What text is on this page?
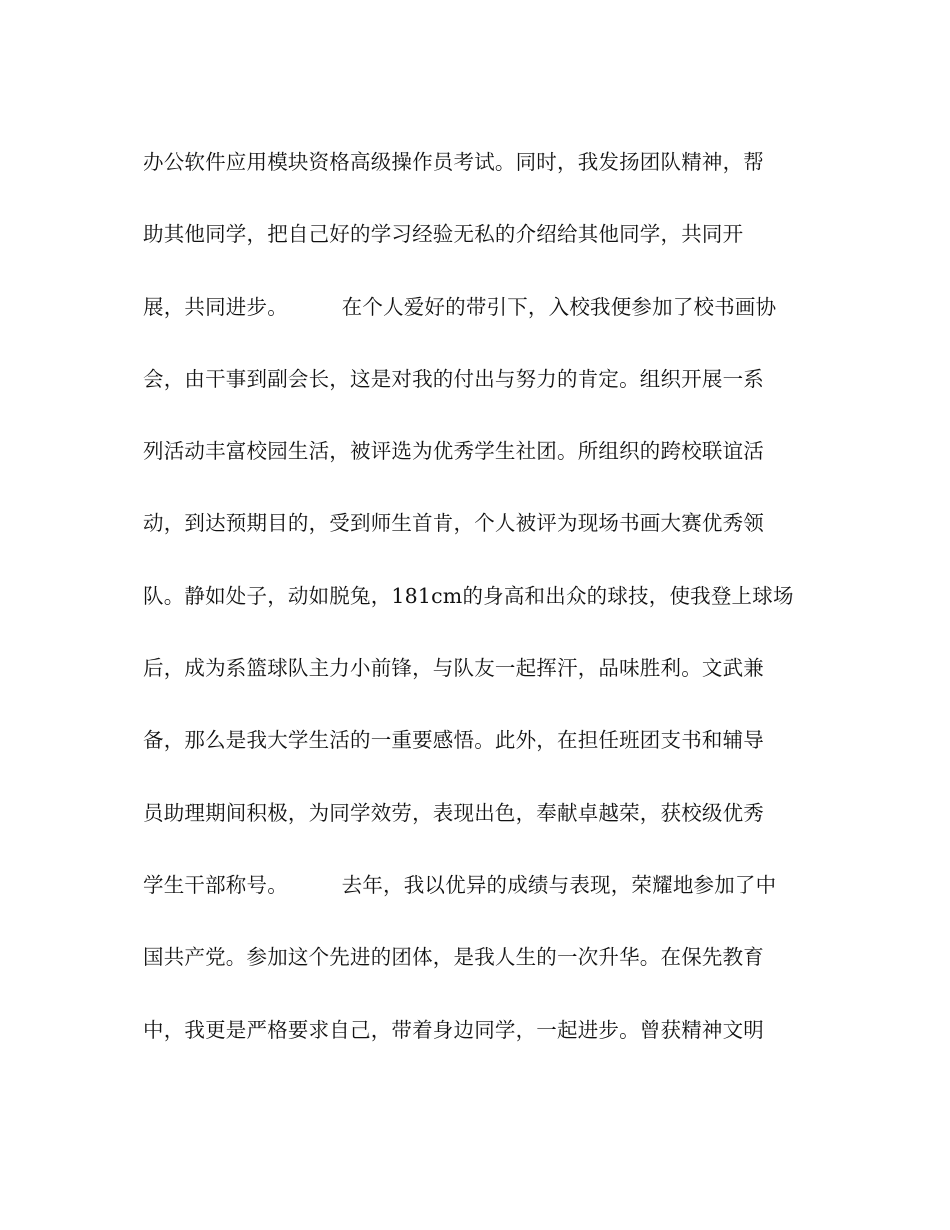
办公软件应用模块资格高级操作员考试。同时，我发扬团队精神，帮
助其他同学，把自己好的学习经验无私的介绍给其他同学，共同开
展，共同进步。        在个人爱好的带引下，入校我便参加了校书画协
会，由干事到副会长，这是对我的付出与努力的肯定。组织开展一系
列活动丰富校园生活，被评选为优秀学生社团。所组织的跨校联谊活
动，到达预期目的，受到师生首肯，个人被评为现场书画大赛优秀领
队。静如处子，动如脱兔，181cm的身高和出众的球技，使我登上球场
后，成为系篮球队主力小前锋，与队友一起挥汗，品味胜利。文武兼
备，那么是我大学生活的一重要感悟。此外，在担任班团支书和辅导
员助理期间积极，为同学效劳，表现出色，奉献卓越荣，获校级优秀
学生干部称号。        去年，我以优异的成绩与表现，荣耀地参加了中
国共产党。参加这个先进的团体，是我人生的一次升华。在保先教育
中，我更是严格要求自己，带着身边同学，一起进步。曾获精神文明
